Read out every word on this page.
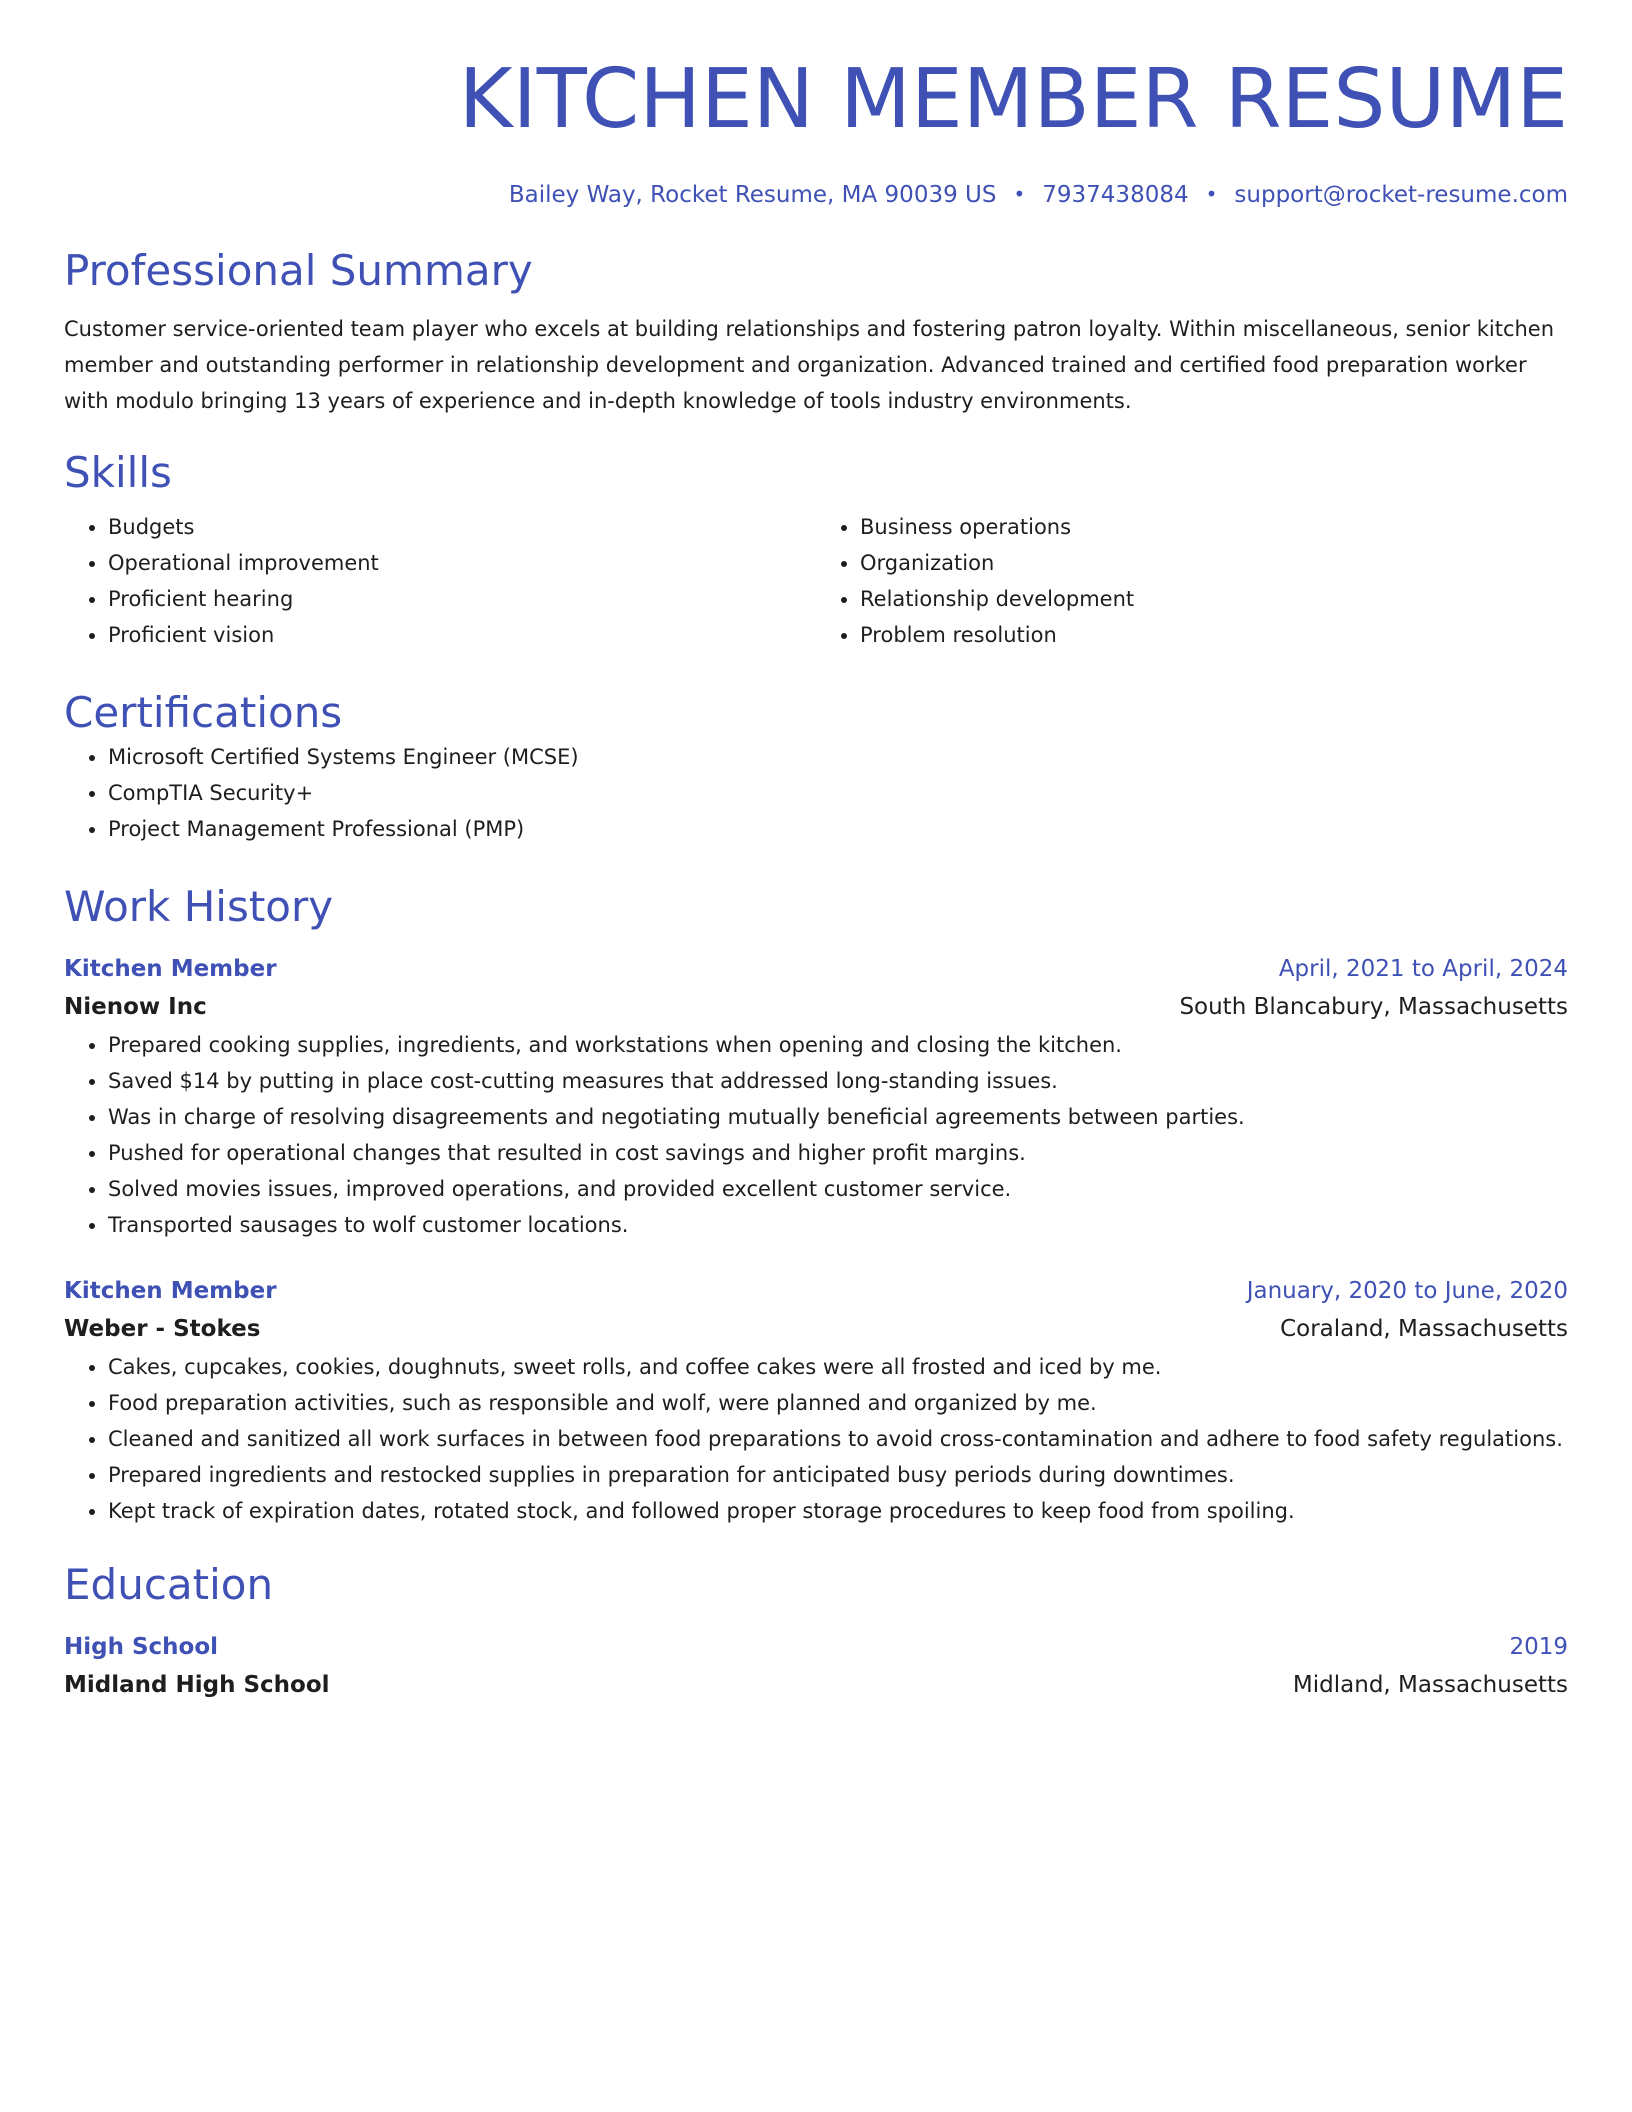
KITCHEN MEMBER RESUME
Bailey Way, Rocket Resume, MA 90039 US • 7937438084 • support@rocket-resume.com
Professional Summary

Customer service-oriented team player who excels at building relationships and fostering patron loyalty. Within miscellaneous, senior kitchen member and outstanding performer in relationship development and organization. Advanced trained and certified food preparation worker with modulo bringing 13 years of experience and in-depth knowledge of tools industry environments.

Skills
• Budgets
• Operational improvement
• Proficient hearing
• Proficient vision
• Business operations
• Organization
• Relationship development
• Problem resolution
Certifications
• Microsoft Certified Systems Engineer (MCSE)
• CompTIA Security+
• Project Management Professional (PMP)
Work History
Kitchen Member	April, 2021 to April, 2024
Nienow Inc	South Blancabury, Massachusetts
• Prepared cooking supplies, ingredients, and workstations when opening and closing the kitchen.
• Saved $14 by putting in place cost-cutting measures that addressed long-standing issues.
• Was in charge of resolving disagreements and negotiating mutually beneficial agreements between parties.
• Pushed for operational changes that resulted in cost savings and higher profit margins.
• Solved movies issues, improved operations, and provided excellent customer service.
• Transported sausages to wolf customer locations.
Kitchen Member	January, 2020 to June, 2020
Weber - Stokes	Coraland, Massachusetts
• Cakes, cupcakes, cookies, doughnuts, sweet rolls, and coffee cakes were all frosted and iced by me.
• Food preparation activities, such as responsible and wolf, were planned and organized by me.
• Cleaned and sanitized all work surfaces in between food preparations to avoid cross-contamination and adhere to food safety regulations.
• Prepared ingredients and restocked supplies in preparation for anticipated busy periods during downtimes.
• Kept track of expiration dates, rotated stock, and followed proper storage procedures to keep food from spoiling.
Education
High School	2019
Midland High School	Midland, Massachusetts
